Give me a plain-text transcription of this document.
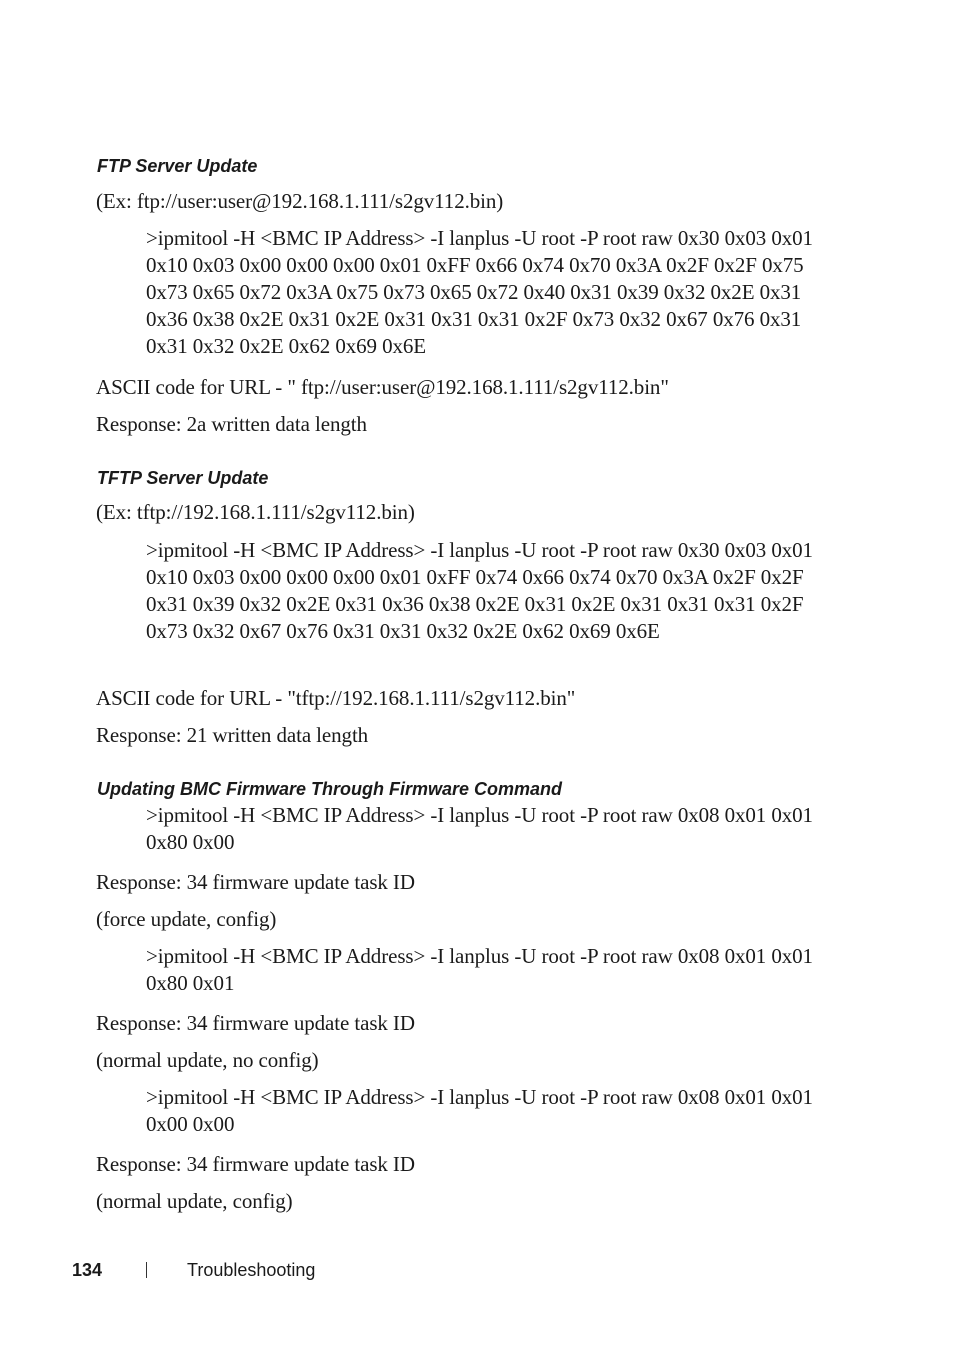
FTP Server Update
(Ex: ftp://user:user@192.168.1.111/s2gv112.bin)
>ipmitool -H <BMC IP Address> -I lanplus -U root -P root raw 0x30 0x03 0x01 0x10 0x03 0x00 0x00 0x00 0x01 0xFF 0x66 0x74 0x70 0x3A 0x2F 0x2F 0x75 0x73 0x65 0x72 0x3A 0x75 0x73 0x65 0x72 0x40 0x31 0x39 0x32 0x2E 0x31 0x36 0x38 0x2E 0x31 0x2E 0x31 0x31 0x31 0x2F 0x73 0x32 0x67 0x76 0x31 0x31 0x32 0x2E 0x62 0x69 0x6E
ASCII code for URL - " ftp://user:user@192.168.1.111/s2gv112.bin"
Response: 2a written data length
TFTP Server Update
(Ex: tftp://192.168.1.111/s2gv112.bin)
>ipmitool -H <BMC IP Address> -I lanplus -U root -P root raw 0x30 0x03 0x01 0x10 0x03 0x00 0x00 0x00 0x01 0xFF 0x74 0x66 0x74 0x70 0x3A 0x2F 0x2F 0x31 0x39 0x32 0x2E 0x31 0x36 0x38 0x2E 0x31 0x2E 0x31 0x31 0x31 0x2F 0x73 0x32 0x67 0x76 0x31 0x31 0x32 0x2E 0x62 0x69 0x6E
ASCII code for URL - "tftp://192.168.1.111/s2gv112.bin"
Response: 21 written data length
Updating BMC Firmware Through Firmware Command
>ipmitool -H <BMC IP Address> -I lanplus -U root -P root raw 0x08 0x01 0x01 0x80 0x00
Response: 34 firmware update task ID
(force update, config)
>ipmitool -H <BMC IP Address> -I lanplus -U root -P root raw 0x08 0x01 0x01 0x80 0x01
Response: 34 firmware update task ID
(normal update, no config)
>ipmitool -H <BMC IP Address> -I lanplus -U root -P root raw 0x08 0x01 0x01 0x00 0x00
Response: 34 firmware update task ID
(normal update, config)
134	Troubleshooting
